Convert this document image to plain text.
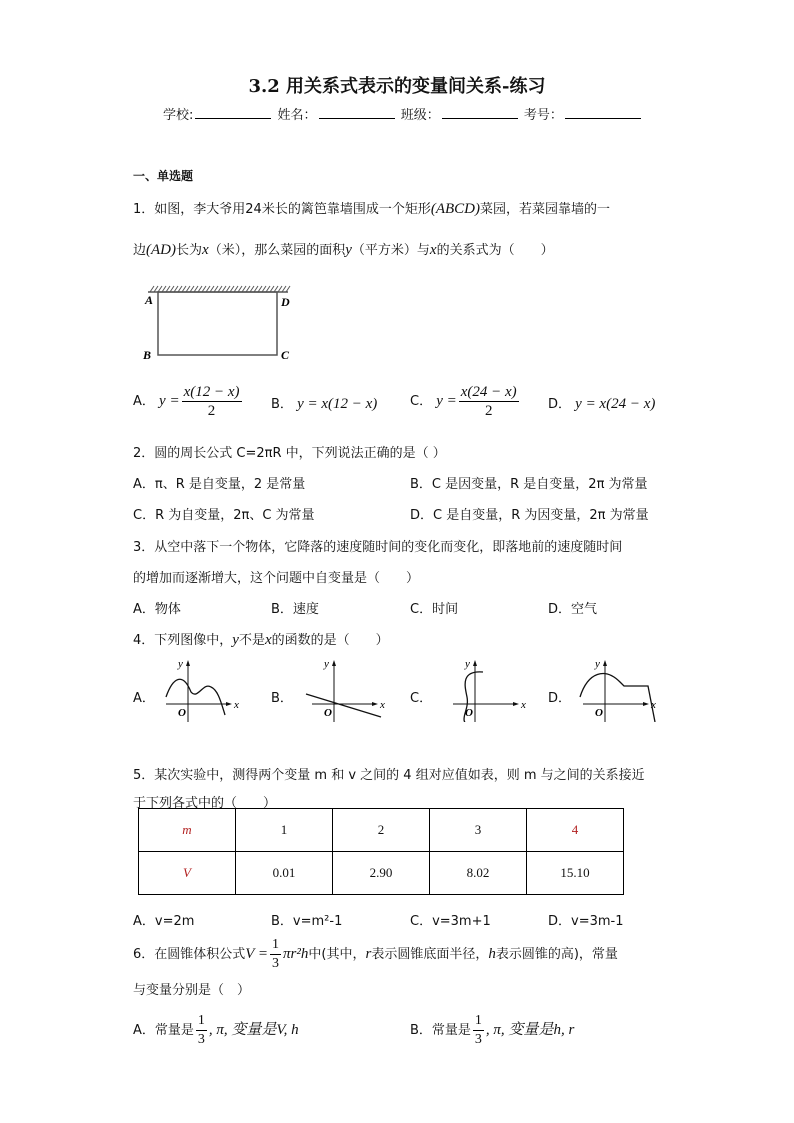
3.2 用关系式表示的变量间关系-练习
学校:	姓名：	班级：	考号：
一、单选题
1．如图，李大爷用24米长的篱笆靠墙围成一个矩形(ABCD)菜园，若菜园靠墙的一
边(AD)长为x（米），那么菜园的面积y（平方米）与x的关系式为（　　）
A	D
B	C
A． $y = \frac{x(12 - x)}{2}$ B． y = x(12 − x)	C． $y = \frac{x(24 - x)}{2}$ D． y = x(24 − x)
2．圆的周长公式 C=2πR 中，下列说法正确的是（ ）
A．π、R 是自变量，2 是常量	B．C 是因变量，R 是自变量，2π 为常量
C．R 为自变量，2π、C 为常量	D．C 是自变量，R 为因变量，2π 为常量
3．从空中落下一个物体，它降落的速度随时间的变化而变化，即落地前的速度随时间
的增加而逐渐增大，这个问题中自变量是（　　）
A．物体	B．速度	C．时间	D．空气
4．下列图像中，y不是x的函数的是（　　）
A．
y
x
O
B．
y
x
O
C．
y
x
O
D．
y
x
O
5．某次实验中，测得两个变量 m 和 v 之间的 4 组对应值如表，则 m 与之间的关系接近
于下列各式中的（　　）
m	1	2	3	4
V	0.01	2.90	8.02	15.10
A．v=2m	B．v=m²-1	C．v=3m+1	D．v=3m-1
6．在圆锥体积公式$V = \frac{1}{3} \pi r^2h$中(其中，r表示圆锥底面半径，h表示圆锥的高)，常量
与变量分别是（　）
A．常量是 $\frac{1}{3}$ , π, 变量是V, h	B．常量是 $\frac{1}{3}$ , π, 变量是h, r
